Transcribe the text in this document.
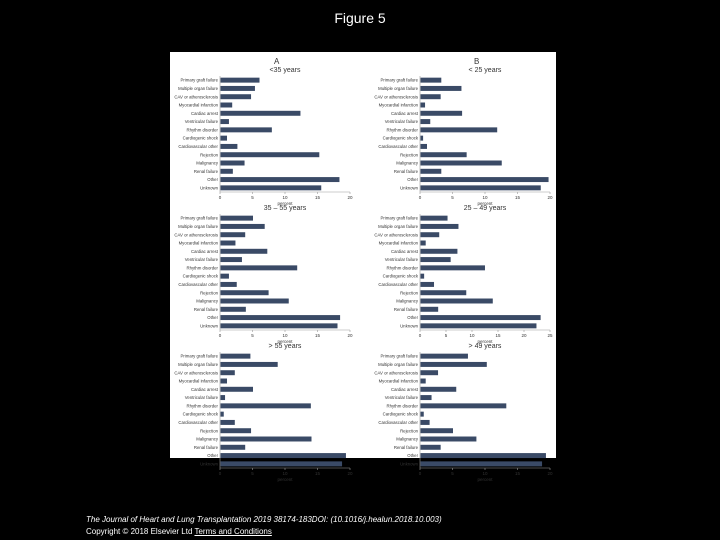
Figure 5
A	B
<35 years
Primary graft failure
Multiple organ failure
CAV or atherosclerosis
Myocardial infarction
Cardiac arrest
Ventricular failure
Rhythm disorder
Cardiogenic shock
Cardiovascular other
Rejection
Malignancy
Renal failure
Other
Unknown
0	5	10	15	20
percent
< 25 years
Primary graft failure
Multiple organ failure
CAV or atherosclerosis
Myocardial infarction
Cardiac arrest
Ventricular failure
Rhythm disorder
Cardiogenic shock
Cardiovascular other
Rejection
Malignancy
Renal failure
Other
Unknown
0	5	10	15	20
percent
35 – 55 years
Primary graft failure
Multiple organ failure
CAV or atherosclerosis
Myocardial infarction
Cardiac arrest
Ventricular failure
Rhythm disorder
Cardiogenic shock
Cardiovascular other
Rejection
Malignancy
Renal failure
Other
Unknown
0	5	10	15	20
percent
25 – 49 years
Primary graft failure
Multiple organ failure
CAV or atherosclerosis
Myocardial infarction
Cardiac arrest
Ventricular failure
Rhythm disorder
Cardiogenic shock
Cardiovascular other
Rejection
Malignancy
Renal failure
Other
Unknown
0	5	10	15	20	25
percent
> 55 years
Primary graft failure
Multiple organ failure
CAV or atherosclerosis
Myocardial infarction
Cardiac arrest
Ventricular failure
Rhythm disorder
Cardiogenic shock
Cardiovascular other
Rejection
Malignancy
Renal failure
Other
Unknown
0	5	10	15	20
percent
> 49 years
Primary graft failure
Multiple organ failure
CAV or atherosclerosis
Myocardial infarction
Cardiac arrest
Ventricular failure
Rhythm disorder
Cardiogenic shock
Cardiovascular other
Rejection
Malignancy
Renal failure
Other
Unknown
0	5	10	15	20
percent
The Journal of Heart and Lung Transplantation 2019 38174-183DOI: (10.1016/j.healun.2018.10.003)
Copyright © 2018 Elsevier Ltd Terms and Conditions
